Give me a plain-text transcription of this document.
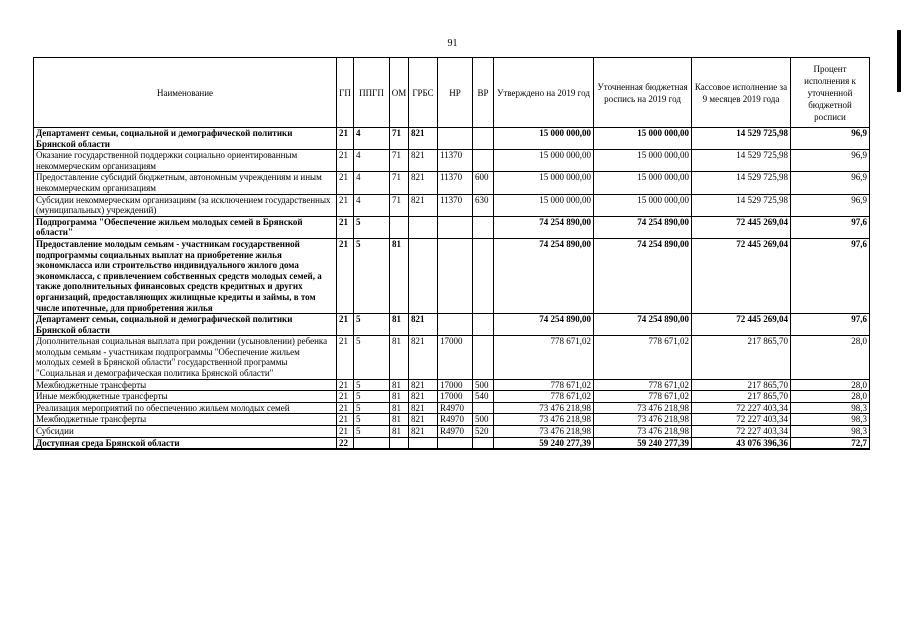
91
Наименование	ГП	ППГП	ОМ	ГРБС	НР	ВР	Утверждено на 2019 год	Уточненная бюджетная роспись на 2019 год	Кассовое исполнение за 9 месяцев 2019 года	Процент исполнения к уточненной бюджетной росписи
Департамент семьи, социальной и демографической политики Брянской области	21	4	71	821			15 000 000,00	15 000 000,00	14 529 725,98	96,9
Оказание государственной поддержки социально ориентированным некоммерческим организациям	21	4	71	821	11370		15 000 000,00	15 000 000,00	14 529 725,98	96,9
Предоставление субсидий бюджетным, автономным учреждениям и иным некоммерческим организациям	21	4	71	821	11370	600	15 000 000,00	15 000 000,00	14 529 725,98	96,9
Субсидии некоммерческим организациям (за исключением государственных (муниципальных) учреждений)	21	4	71	821	11370	630	15 000 000,00	15 000 000,00	14 529 725,98	96,9
Подпрограмма "Обеспечение жильем молодых семей в Брянской области"	21	5					74 254 890,00	74 254 890,00	72 445 269,04	97,6
Предоставление молодым семьям - участникам государственной подпрограммы социальных выплат на приобретение жилья экономкласса или строительство индивидуального жилого дома экономкласса, с привлечением собственных средств молодых семей, а также дополнительных финансовых средств кредитных и других организаций, предоставляющих жилищные кредиты и займы, в том числе ипотечные, для приобретения жилья	21	5	81				74 254 890,00	74 254 890,00	72 445 269,04	97,6
Департамент семьи, социальной и демографической политики Брянской области	21	5	81	821			74 254 890,00	74 254 890,00	72 445 269,04	97,6
Дополнительная социальная выплата при рождении (усыновлении) ребенка молодым семьям - участникам подпрограммы "Обеспечение жильем молодых семей в Брянской области" государственной программы "Социальная и демографическая политика Брянской области"	21	5	81	821	17000		778 671,02	778 671,02	217 865,70	28,0
Межбюджетные трансферты	21	5	81	821	17000	500	778 671,02	778 671,02	217 865,70	28,0
Иные межбюджетные трансферты	21	5	81	821	17000	540	778 671,02	778 671,02	217 865,70	28,0
Реализация мероприятий по обеспечению жильем молодых семей	21	5	81	821	R4970		73 476 218,98	73 476 218,98	72 227 403,34	98,3
Межбюджетные трансферты	21	5	81	821	R4970	500	73 476 218,98	73 476 218,98	72 227 403,34	98,3
Субсидии	21	5	81	821	R4970	520	73 476 218,98	73 476 218,98	72 227 403,34	98,3
Доступная среда Брянской области	22						59 240 277,39	59 240 277,39	43 076 396,36	72,7
